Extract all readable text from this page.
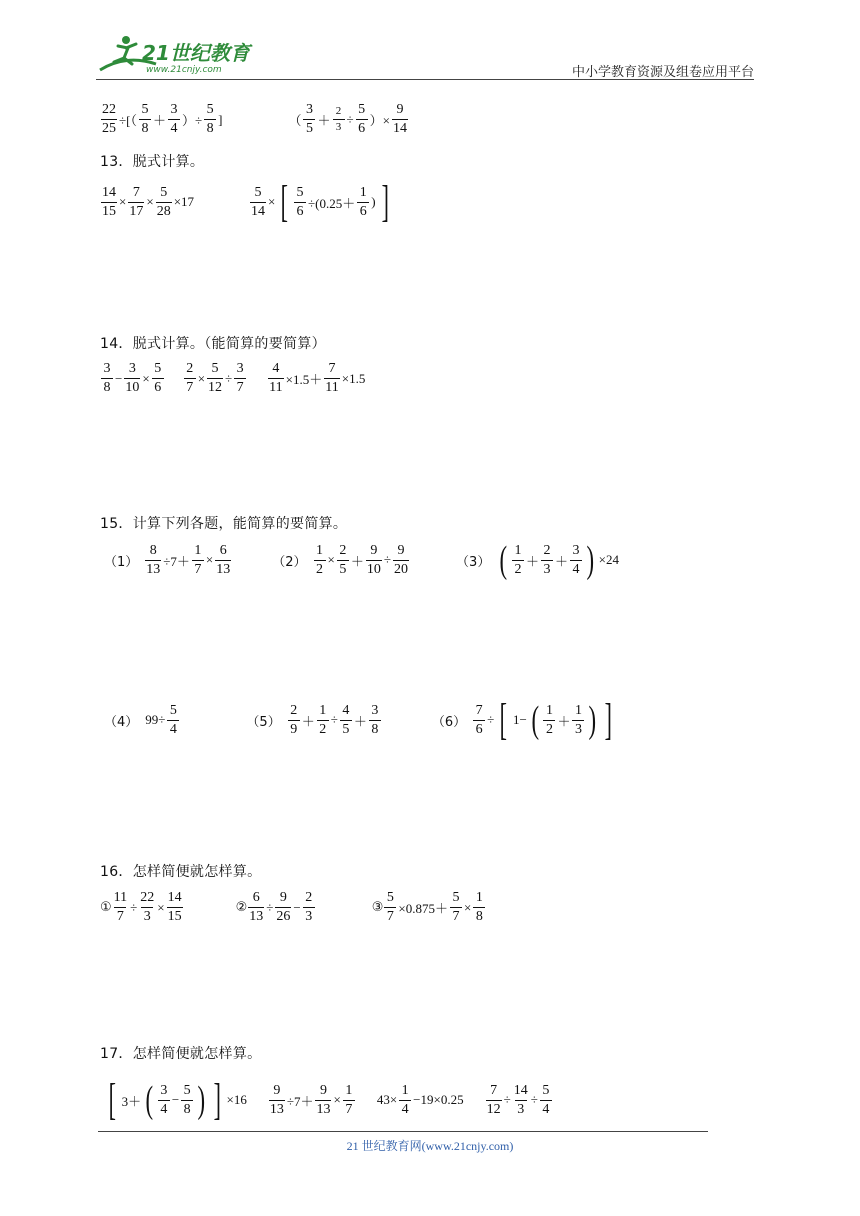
21世纪教育
www.21cnjy.com	中小学教育资源及组卷应用平台
$\frac{22}{25}$ ÷[（ $\frac{5}{8} + \frac{3}{4}$ ）÷ $\frac{5}{8}$ ]	（ $\frac{3}{5} + \frac{2}{3} \div \frac{5}{6}$ ）× $\frac{9}{14}$
13．脱式计算。
$\frac{14}{15} \times \frac{7}{17} \times \frac{5}{28} \times 17$	$\frac{5}{14}$ × [ $\frac{5}{6} \div(0.25+ \frac{1}{6}$ ) ]
14．脱式计算。（能简算的要简算）
$\frac{3}{8} - \frac{3}{10} \times \frac{5}{6} \frac{2}{7} \times \frac{5}{12} \div \frac{3}{7} \frac{4}{11} \times 1.5+ \frac{7}{11} \times 1.5$
15．计算下列各题，能简算的要简算。
$(1) \frac{8}{13} \div 7+ \frac{1}{7} \times \frac{6}{13}$	$(2) \frac{1}{2} \times \frac{2}{5} + \frac{9}{10} \div \frac{9}{20}$	（3） ( $\frac{1}{2} + \frac{2}{3} + \frac{3}{4}$ ) ×24
（4） $99\div \frac{5}{4}$	$(5) \frac{2}{9} + \frac{1}{2} \div \frac{4}{5} + \frac{3}{8}$	$(6) \frac{7}{6}$ ÷ [ 1− ( $\frac{1}{2} + \frac{1}{3}$ ) ]
16．怎样简便就怎样算。
① $\frac{11}{7} \div \frac{22}{3} \times \frac{14}{15}$	② $\frac{6}{13} \div \frac{9}{26} - \frac{2}{3}$	③ $\frac{5}{7} \times 0.875+ \frac{5}{7} \times \frac{1}{8}$
17．怎样简便就怎样算。
[ 3＋ ( $\frac{3}{4} - \frac{5}{8}$ ) ] $\times 16 \frac{9}{13} \div 7+ \frac{9}{13} \times \frac{1}{7} 43\times \frac{1}{4} -19\times 0.25 \frac{7}{12} \div \frac{14}{3} \div \frac{5}{4}$
21 世纪教育网(www.21cnjy.com)
